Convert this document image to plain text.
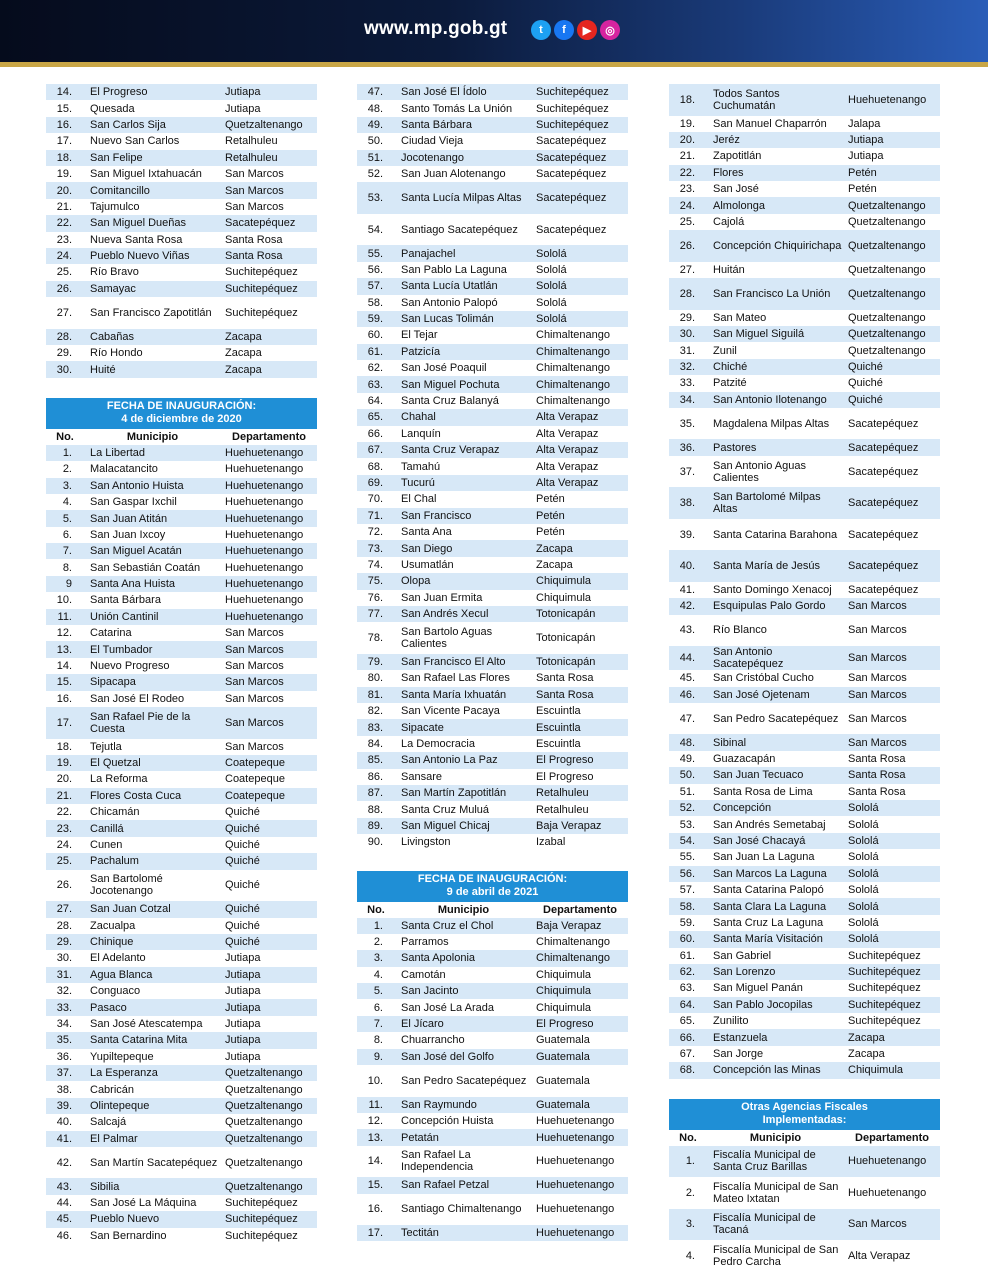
www.mp.gob.gt	t	f	▶	◎
14.	El Progreso	Jutiapa
15.	Quesada	Jutiapa
16.	San Carlos Sija	Quetzaltenango
17.	Nuevo San Carlos	Retalhuleu
18.	San Felipe	Retalhuleu
19.	San Miguel Ixtahuacán	San Marcos
20.	Comitancillo	San Marcos
21.	Tajumulco	San Marcos
22.	San Miguel Dueñas	Sacatepéquez
23.	Nueva Santa Rosa	Santa Rosa
24.	Pueblo Nuevo Viñas	Santa Rosa
25.	Río Bravo	Suchitepéquez
26.	Samayac	Suchitepéquez
27.	San Francisco Zapotitlán	Suchitepéquez
28.	Cabañas	Zacapa
29.	Río Hondo	Zacapa
30.	Huité	Zacapa
FECHA DE INAUGURACIÓN:
4 de diciembre de 2020
No.	Municipio	Departamento
1.	La Libertad	Huehuetenango
2.	Malacatancito	Huehuetenango
3.	San Antonio Huista	Huehuetenango
4.	San Gaspar Ixchil	Huehuetenango
5.	San Juan Atitán	Huehuetenango
6.	San Juan Ixcoy	Huehuetenango
7.	San Miguel Acatán	Huehuetenango
8.	San Sebastián Coatán	Huehuetenango
9	Santa Ana Huista	Huehuetenango
10.	Santa Bárbara	Huehuetenango
11.	Unión Cantinil	Huehuetenango
12.	Catarina	San Marcos
13.	El Tumbador	San Marcos
14.	Nuevo Progreso	San Marcos
15.	Sipacapa	San Marcos
16.	San José El Rodeo	San Marcos
17.	San Rafael Pie de la Cuesta	San Marcos
18.	Tejutla	San Marcos
19.	El Quetzal	Coatepeque
20.	La Reforma	Coatepeque
21.	Flores Costa Cuca	Coatepeque
22.	Chicamán	Quiché
23.	Canillá	Quiché
24.	Cunen	Quiché
25.	Pachalum	Quiché
26.	San Bartolomé Jocotenango	Quiché
27.	San Juan Cotzal	Quiché
28.	Zacualpa	Quiché
29.	Chinique	Quiché
30.	El Adelanto	Jutiapa
31.	Agua Blanca	Jutiapa
32.	Conguaco	Jutiapa
33.	Pasaco	Jutiapa
34.	San José Atescatempa	Jutiapa
35.	Santa Catarina Mita	Jutiapa
36.	Yupiltepeque	Jutiapa
37.	La Esperanza	Quetzaltenango
38.	Cabricán	Quetzaltenango
39.	Olintepeque	Quetzaltenango
40.	Salcajá	Quetzaltenango
41.	El Palmar	Quetzaltenango
42.	San Martín Sacatepéquez	Quetzaltenango
43.	Sibilia	Quetzaltenango
44.	San José La Máquina	Suchitepéquez
45.	Pueblo Nuevo	Suchitepéquez
46.	San Bernardino	Suchitepéquez
47.	San José El Ídolo	Suchitepéquez
48.	Santo Tomás La Unión	Suchitepéquez
49.	Santa Bárbara	Suchitepéquez
50.	Ciudad Vieja	Sacatepéquez
51.	Jocotenango	Sacatepéquez
52.	San Juan Alotenango	Sacatepéquez
53.	Santa Lucía Milpas Altas	Sacatepéquez
54.	Santiago Sacatepéquez	Sacatepéquez
55.	Panajachel	Sololá
56.	San Pablo La Laguna	Sololá
57.	Santa Lucía Utatlán	Sololá
58.	San Antonio Palopó	Sololá
59.	San Lucas Tolimán	Sololá
60.	El Tejar	Chimaltenango
61.	Patzicía	Chimaltenango
62.	San José Poaquil	Chimaltenango
63.	San Miguel Pochuta	Chimaltenango
64.	Santa Cruz Balanyá	Chimaltenango
65.	Chahal	Alta Verapaz
66.	Lanquín	Alta Verapaz
67.	Santa Cruz Verapaz	Alta Verapaz
68.	Tamahú	Alta Verapaz
69.	Tucurú	Alta Verapaz
70.	El Chal	Petén
71.	San Francisco	Petén
72.	Santa Ana	Petén
73.	San Diego	Zacapa
74.	Usumatlán	Zacapa
75.	Olopa	Chiquimula
76.	San Juan Ermita	Chiquimula
77.	San Andrés Xecul	Totonicapán
78.	San Bartolo Aguas Calientes	Totonicapán
79.	San Francisco El Alto	Totonicapán
80.	San Rafael Las Flores	Santa Rosa
81.	Santa María Ixhuatán	Santa Rosa
82.	San Vicente Pacaya	Escuintla
83.	Sipacate	Escuintla
84.	La Democracia	Escuintla
85.	San Antonio La Paz	El Progreso
86.	Sansare	El Progreso
87.	San Martín Zapotitlán	Retalhuleu
88.	Santa Cruz Muluá	Retalhuleu
89.	San Miguel Chicaj	Baja Verapaz
90.	Livingston	Izabal
FECHA DE INAUGURACIÓN:
9 de abril de 2021
No.	Municipio	Departamento
1.	Santa Cruz el Chol	Baja Verapaz
2.	Parramos	Chimaltenango
3.	Santa Apolonia	Chimaltenango
4.	Camotán	Chiquimula
5.	San Jacinto	Chiquimula
6.	San José La Arada	Chiquimula
7.	El Jícaro	El Progreso
8.	Chuarrancho	Guatemala
9.	San José del Golfo	Guatemala
10.	San Pedro Sacatepéquez	Guatemala
11.	San Raymundo	Guatemala
12.	Concepción Huista	Huehuetenango
13.	Petatán	Huehuetenango
14.	San Rafael La Independencia	Huehuetenango
15.	San Rafael Petzal	Huehuetenango
16.	Santiago Chimaltenango	Huehuetenango
17.	Tectitán	Huehuetenango
18.	Todos Santos Cuchumatán	Huehuetenango
19.	San Manuel Chaparrón	Jalapa
20.	Jeréz	Jutiapa
21.	Zapotitlán	Jutiapa
22.	Flores	Petén
23.	San José	Petén
24.	Almolonga	Quetzaltenango
25.	Cajolá	Quetzaltenango
26.	Concepción Chiquirichapa	Quetzaltenango
27.	Huitán	Quetzaltenango
28.	San Francisco La Unión	Quetzaltenango
29.	San Mateo	Quetzaltenango
30.	San Miguel Siguilá	Quetzaltenango
31.	Zunil	Quetzaltenango
32.	Chiché	Quiché
33.	Patzité	Quiché
34.	San Antonio Ilotenango	Quiché
35.	Magdalena Milpas Altas	Sacatepéquez
36.	Pastores	Sacatepéquez
37.	San Antonio Aguas Calientes	Sacatepéquez
38.	San Bartolomé Milpas Altas	Sacatepéquez
39.	Santa Catarina Barahona	Sacatepéquez
40.	Santa María de Jesús	Sacatepéquez
41.	Santo Domingo Xenacoj	Sacatepéquez
42.	Esquipulas Palo Gordo	San Marcos
43.	Río Blanco	San Marcos
44.	San Antonio Sacatepéquez	San Marcos
45.	San Cristóbal Cucho	San Marcos
46.	San José Ojetenam	San Marcos
47.	San Pedro Sacatepéquez	San Marcos
48.	Sibinal	San Marcos
49.	Guazacapán	Santa Rosa
50.	San Juan Tecuaco	Santa Rosa
51.	Santa Rosa de Lima	Santa Rosa
52.	Concepción	Sololá
53.	San Andrés Semetabaj	Sololá
54.	San José Chacayá	Sololá
55.	San Juan La Laguna	Sololá
56.	San Marcos La Laguna	Sololá
57.	Santa Catarina Palopó	Sololá
58.	Santa Clara La Laguna	Sololá
59.	Santa Cruz La Laguna	Sololá
60.	Santa María Visitación	Sololá
61.	San Gabriel	Suchitepéquez
62.	San Lorenzo	Suchitepéquez
63.	San Miguel Panán	Suchitepéquez
64.	San Pablo Jocopilas	Suchitepéquez
65.	Zunilito	Suchitepéquez
66.	Estanzuela	Zacapa
67.	San Jorge	Zacapa
68.	Concepción las Minas	Chiquimula
Otras Agencias Fiscales
Implementadas:
No.	Municipio	Departamento
1.	Fiscalía Municipal de Santa Cruz Barillas	Huehuetenango
2.	Fiscalía Municipal de San Mateo Ixtatan	Huehuetenango
3.	Fiscalía Municipal de Tacaná	San Marcos
4.	Fiscalía Municipal de San Pedro Carcha	Alta Verapaz
